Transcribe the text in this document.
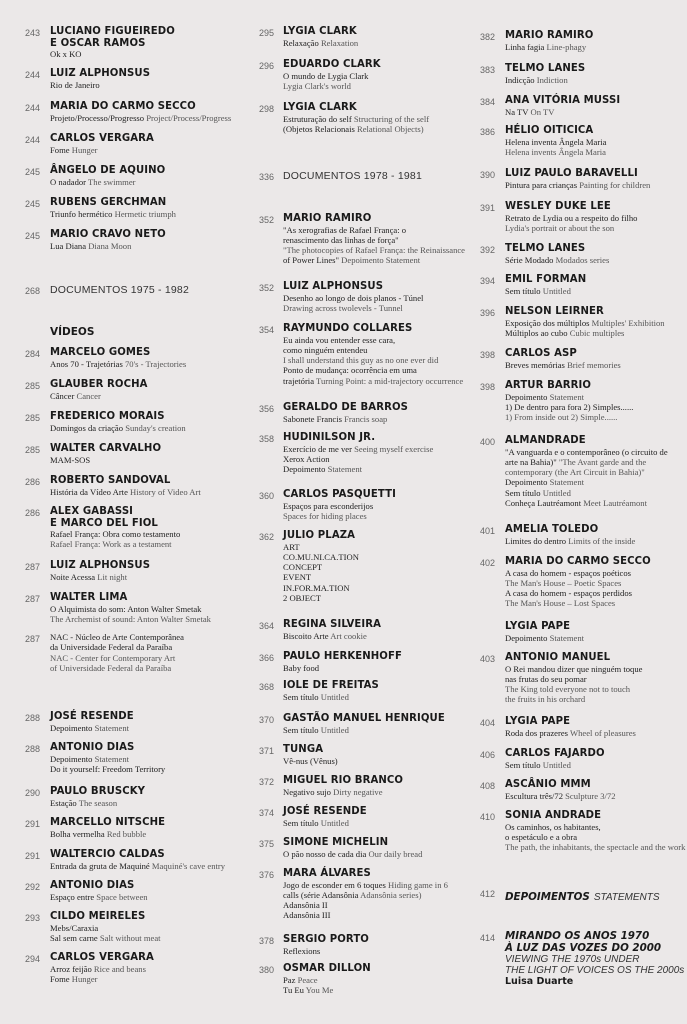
243 LUCIANO FIGUEIREDO
E OSCAR RAMOS
Ok x KO
244 LUIZ ALPHONSUS
Rio de Janeiro
244 MARIA DO CARMO SECCO
Projeto/Processo/Progresso Project/Process/Progress
244 CARLOS VERGARA
Fome Hunger
245 ÂNGELO DE AQUINO
O nadador The swimmer
245 RUBENS GERCHMAN
Triunfo hermético Hermetic triumph
245 MARIO CRAVO NETO
Lua Diana Diana Moon
268 DOCUMENTOS 1975 - 1982
VÍDEOS
284 MARCELO GOMES
Anos 70 - Trajetórias 70's - Trajectories
285 GLAUBER ROCHA
Câncer Cancer
285 FREDERICO MORAIS
Domingos da criação Sunday's creation
285 WALTER CARVALHO
MAM-SOS
286 ROBERTO SANDOVAL
História da Vídeo Arte History of Video Art
286 ALEX GABASSI
E MARCO DEL FIOL
Rafael França: Obra como testamento
Rafael França: Work as a testament
287 LUIZ ALPHONSUS
Noite Acessa Lit night
287 WALTER LIMA
O Alquimista do som: Anton Walter Smetak
The Archemist of sound: Anton Walter Smetak
287 NAC - Núcleo de Arte Contemporânea
da Universidade Federal da Paraíba
NAC - Center for Contemporary Art
of Universidade Federal da Paraíba
288 JOSÉ RESENDE
Depoimento Statement
288 ANTONIO DIAS
Depoimento Statement
Do it yourself: Freedom Territory
290 PAULO BRUSCKY
Estação The season
291 MARCELLO NITSCHE
Bolha vermelha Red bubble
291 WALTERCIO CALDAS
Entrada da gruta de Maquiné Maquiné's cave entry
292 ANTONIO DIAS
Espaço entre Space between
293 CILDO MEIRELES
Mebs/Caraxia
Sal sem carne Salt without meat
294 CARLOS VERGARA
Arroz feijão Rice and beans
Fome Hunger
295 LYGIA CLARK
Relaxação Relaxation
296 EDUARDO CLARK
O mundo de Lygia Clark
Lygia Clark's world
298 LYGIA CLARK
Estruturação do self Structuring of the self
(Objetos Relacionais Relational Objects)
336 DOCUMENTOS 1978 - 1981
352 MARIO RAMIRO
"As xerografias de Rafael França: o
renascimento das linhas de força"
"The photocopies of Rafael França: the Reinaissance
of Power Lines" Depoimento Statement
352 LUIZ ALPHONSUS
Desenho ao longo de dois planos - Túnel
Drawing across twolevels - Tunnel
354 RAYMUNDO COLLARES
Eu ainda vou entender esse cara,
como ninguém entendeu
I shall understand this guy as no one ever did
Ponto de mudança: ocorrência em uma
trajetória Turning Point: a mid-trajectory occurrence
356 GERALDO DE BARROS
Sabonete Francis Francis soap
358 HUDINILSON JR.
Exercício de me ver Seeing myself exercise
Xerox Action
Depoimento Statement
360 CARLOS PASQUETTI
Espaços para esconderijos
Spaces for hiding places
362 JULIO PLAZA
ART
CO.MU.NI.CA.TION
CONCEPT
EVENT
IN.FOR.MA.TION
2 OBJECT
364 REGINA SILVEIRA
Biscoito Arte Art cookie
366 PAULO HERKENHOFF
Baby food
368 IOLE DE FREITAS
Sem título Untitled
370 GASTÃO MANUEL HENRIQUE
Sem título Untitled
371 TUNGA
Vê-nus (Vênus)
372 MIGUEL RIO BRANCO
Negativo sujo Dirty negative
374 JOSÉ RESENDE
Sem título Untitled
375 SIMONE MICHELIN
O pão nosso de cada dia Our daily bread
376 MARA ÁLVARES
Jogo de esconder em 6 toques Hiding game in 6
calls (série Adansônia Adansônia series)
Adansônia II
Adansônia III
378 SERGIO PORTO
Reflexions
380 OSMAR DILLON
Paz Peace
Tu Eu You Me
382 MARIO RAMIRO
Linha fagia Line-phagy
383 TELMO LANES
Indicção Indiction
384 ANA VITÓRIA MUSSI
Na TV On TV
386 HÉLIO OITICICA
Helena inventa Ângela Maria
Helena invents Ângela Maria
390 LUIZ PAULO BARAVELLI
Pintura para crianças Painting for children
391 WESLEY DUKE LEE
Retrato de Lydia ou a respeito do filho
Lydia's portrait or about the son
392 TELMO LANES
Série Modado Modados series
394 EMIL FORMAN
Sem título Untitled
396 NELSON LEIRNER
Exposição dos múltiplos Multiples' Exhibition
Múltiplos ao cubo Cubic multiples
398 CARLOS ASP
Breves memórias Brief memories
398 ARTUR BARRIO
Depoimento Statement
1) De dentro para fora 2) Simples......
1) From inside out 2) Simple......
400 ALMANDRADE
"A vanguarda e o contemporâneo (o circuito de
arte na Bahia)" "The Avant garde and the
contemporary (the Art Circuit in Bahia)"
Depoimento Statement
Sem título Untitled
Conheça Lautréamont Meet Lautréamont
401 AMELIA TOLEDO
Limites do dentro Limits of the inside
402 MARIA DO CARMO SECCO
A casa do homem - espaços poéticos
The Man's House – Poetic Spaces
A casa do homem - espaços perdidos
The Man's House – Lost Spaces
LYGIA PAPE
Depoimento Statement
403 ANTONIO MANUEL
O Rei mandou dizer que ninguém toque
nas frutas do seu pomar
The King told everyone not to touch
the fruits in his orchard
404 LYGIA PAPE
Roda dos prazeres Wheel of pleasures
406 CARLOS FAJARDO
Sem título Untitled
408 ASCÂNIO MMM
Escultura três/72 Sculpture 3/72
410 SONIA ANDRADE
Os caminhos, os habitantes,
o espetáculo e a obra
The path, the inhabitants, the spectacle and the work
412 DEPOIMENTOS STATEMENTS
414 MIRANDO OS ANOS 1970
À LUZ DAS VOZES DO 2000
VIEWING THE 1970s UNDER
THE LIGHT OF VOICES OS THE 2000s
Luisa Duarte
